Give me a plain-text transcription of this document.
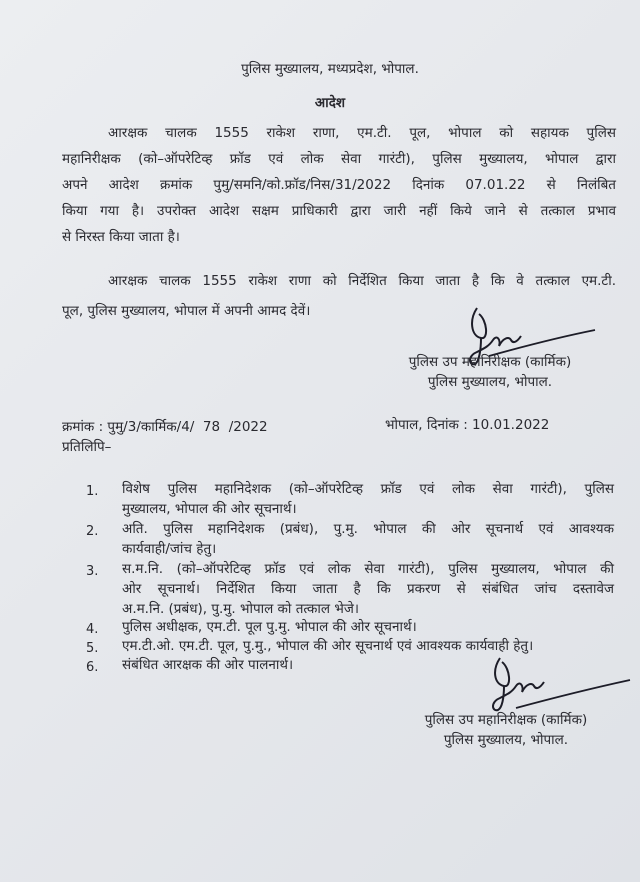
पुलिस मुख्यालय, मध्यप्रदेश, भोपाल.
आदेश
आरक्षक चालक 1555 राकेश राणा, एम.टी. पूल, भोपाल को सहायक पुलिस
महानिरीक्षक (को–ऑपरेटिव्ह फ्रॉड एवं लोक सेवा गारंटी), पुलिस मुख्यालय, भोपाल द्वारा
अपने आदेश क्रमांक पुमु/समनि/को.फ्रॉड/निस/31/2022 दिनांक 07.01.22 से निलंबित
किया गया है। उपरोक्त आदेश सक्षम प्राधिकारी द्वारा जारी नहीं किये जाने से तत्काल प्रभाव
से निरस्त किया जाता है।
आरक्षक चालक 1555 राकेश राणा को निर्देशित किया जाता है कि वे तत्काल एम.टी.
पूल, पुलिस मुख्यालय, भोपाल में अपनी आमद देवें।
पुलिस उप महानिरीक्षक (कार्मिक)
पुलिस मुख्यालय, भोपाल.
क्रमांक : पुमु/3/कार्मिक/4/  78  /2022	भोपाल, दिनांक : 10.01.2022
प्रतिलिपि–
1. विशेष पुलिस महानिदेशक (को–ऑपरेटिव्ह फ्रॉड एवं लोक सेवा गारंटी), पुलिस
मुख्यालय, भोपाल की ओर सूचनार्थ।
2. अति. पुलिस महानिदेशक (प्रबंध), पु.मु. भोपाल की ओर सूचनार्थ एवं आवश्यक
कार्यवाही/जांच हेतु।
3. स.म.नि. (को–ऑपरेटिव्ह फ्रॉड एवं लोक सेवा गारंटी), पुलिस मुख्यालय, भोपाल की
ओर सूचनार्थ। निर्देशित किया जाता है कि प्रकरण से संबंधित जांच दस्तावेज
अ.म.नि. (प्रबंध), पु.मु. भोपाल को तत्काल भेजे।
4. पुलिस अधीक्षक, एम.टी. पूल पु.मु. भोपाल की ओर सूचनार्थ।
5. एम.टी.ओ. एम.टी. पूल, पु.मु., भोपाल की ओर सूचनार्थ एवं आवश्यक कार्यवाही हेतु।
6. संबंधित आरक्षक की ओर पालनार्थ।
पुलिस उप महानिरीक्षक (कार्मिक)
पुलिस मुख्यालय, भोपाल.
